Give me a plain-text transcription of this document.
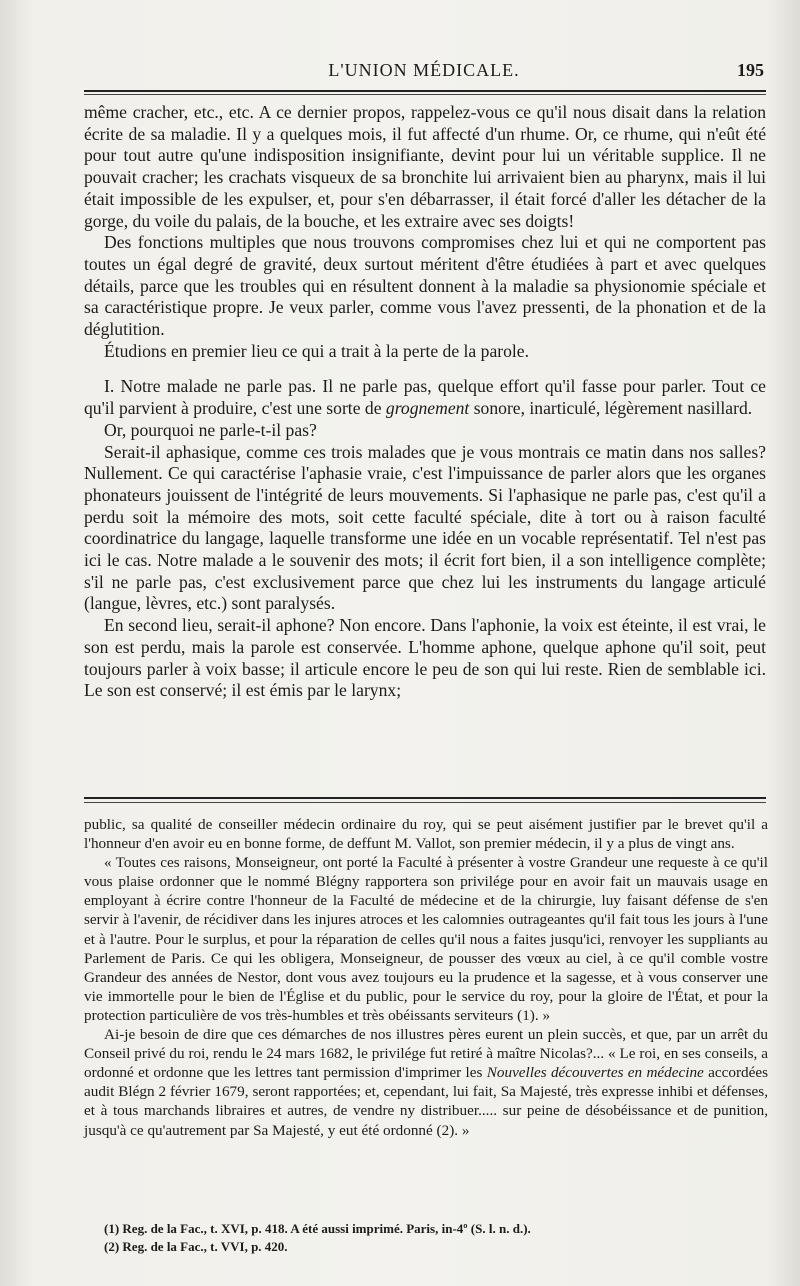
L'UNION MÉDICALE.	195

même cracher, etc., etc. A ce dernier propos, rappelez-vous ce qu'il nous disait dans la relation écrite de sa maladie. Il y a quelques mois, il fut affecté d'un rhume. Or, ce rhume, qui n'eût été pour tout autre qu'une indisposition insignifiante, devint pour lui un véritable supplice. Il ne pouvait cracher; les crachats visqueux de sa bronchite lui arrivaient bien au pharynx, mais il lui était impossible de les expulser, et, pour s'en débarrasser, il était forcé d'aller les détacher de la gorge, du voile du palais, de la bouche, et les extraire avec ses doigts!

Des fonctions multiples que nous trouvons compromises chez lui et qui ne comportent pas toutes un égal degré de gravité, deux surtout méritent d'être étudiées à part et avec quelques détails, parce que les troubles qui en résultent donnent à la maladie sa physionomie spéciale et sa caractéristique propre. Je veux parler, comme vous l'avez pressenti, de la phonation et de la déglutition.

Étudions en premier lieu ce qui a trait à la perte de la parole.

I. Notre malade ne parle pas. Il ne parle pas, quelque effort qu'il fasse pour parler. Tout ce qu'il parvient à produire, c'est une sorte de grognement sonore, inarticulé, légèrement nasillard.

Or, pourquoi ne parle-t-il pas?

Serait-il aphasique, comme ces trois malades que je vous montrais ce matin dans nos salles? Nullement. Ce qui caractérise l'aphasie vraie, c'est l'impuissance de parler alors que les organes phonateurs jouissent de l'intégrité de leurs mouvements. Si l'aphasique ne parle pas, c'est qu'il a perdu soit la mémoire des mots, soit cette faculté spéciale, dite à tort ou à raison faculté coordinatrice du langage, laquelle transforme une idée en un vocable représentatif. Tel n'est pas ici le cas. Notre malade a le souvenir des mots; il écrit fort bien, il a son intelligence complète; s'il ne parle pas, c'est exclusivement parce que chez lui les instruments du langage articulé (langue, lèvres, etc.) sont paralysés.

En second lieu, serait-il aphone? Non encore. Dans l'aphonie, la voix est éteinte, il est vrai, le son est perdu, mais la parole est conservée. L'homme aphone, quelque aphone qu'il soit, peut toujours parler à voix basse; il articule encore le peu de son qui lui reste. Rien de semblable ici. Le son est conservé; il est émis par le larynx;

public, sa qualité de conseiller médecin ordinaire du roy, qui se peut aisément justifier par le brevet qu'il a l'honneur d'en avoir eu en bonne forme, de deffunt M. Vallot, son premier médecin, il y a plus de vingt ans.

« Toutes ces raisons, Monseigneur, ont porté la Faculté à présenter à vostre Grandeur une requeste à ce qu'il vous plaise ordonner que le nommé Blégny rapportera son privilége pour en avoir fait un mauvais usage en employant à écrire contre l'honneur de la Faculté de médecine et de la chirurgie, luy faisant défense de s'en servir à l'avenir, de récidiver dans les injures atroces et les calomnies outrageantes qu'il fait tous les jours à l'une et à l'autre. Pour le surplus, et pour la réparation de celles qu'il nous a faites jusqu'ici, renvoyer les suppliants au Parlement de Paris. Ce qui les obligera, Monseigneur, de pousser des vœux au ciel, à ce qu'il comble vostre Grandeur des années de Nestor, dont vous avez toujours eu la prudence et la sagesse, et à vous conserver une vie immortelle pour le bien de l'Église et du public, pour le service du roy, pour la gloire de l'État, et pour la protection particulière de vos très-humbles et très obéissants serviteurs (1). »

Ai-je besoin de dire que ces démarches de nos illustres pères eurent un plein succès, et que, par un arrêt du Conseil privé du roi, rendu le 24 mars 1682, le privilége fut retiré à maître Nicolas?... « Le roi, en ses conseils, a ordonné et ordonne que les lettres tant permission d'imprimer les Nouvelles découvertes en médecine accordées audit Blégn 2 février 1679, seront rapportées; et, cependant, lui fait, Sa Majesté, très expresse inhibi et défenses, et à tous marchands libraires et autres, de vendre ny distribuer..... sur peine de désobéissance et de punition, jusqu'à ce qu'autrement par Sa Majesté, y eut été ordonné (2). »

(1) Reg. de la Fac., t. XVI, p. 418. A été aussi imprimé. Paris, in-4º (S. l. n. d.).
(2) Reg. de la Fac., t. VVI, p. 420.
